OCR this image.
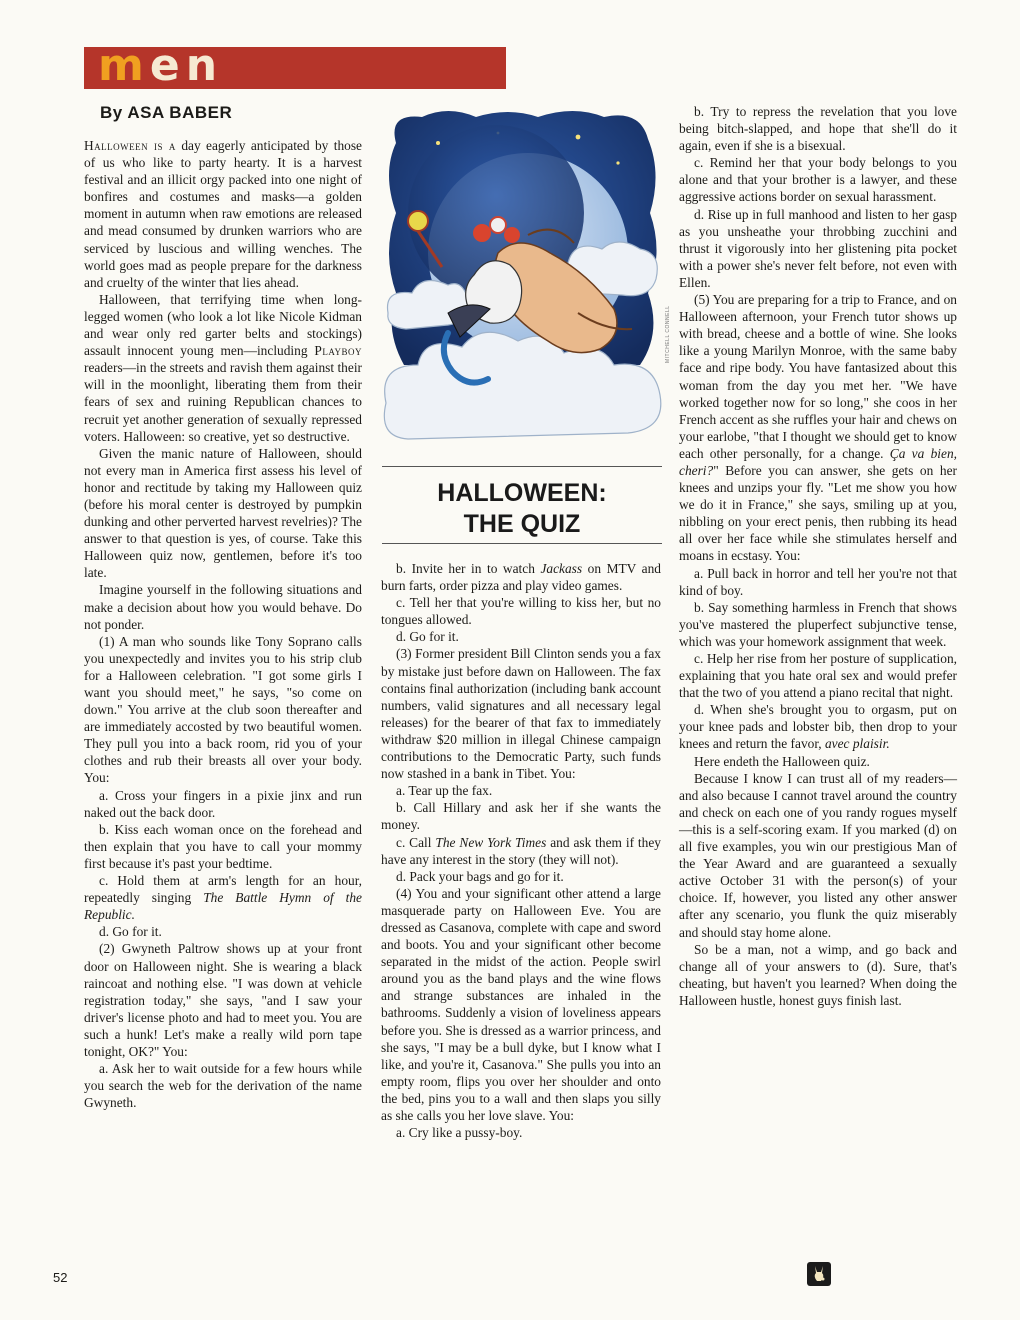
men
By ASA BABER

Halloween is a day eagerly anticipated by those of us who like to party hearty. It is a harvest festival and an illicit orgy packed into one night of bonfires and costumes and masks—a golden moment in autumn when raw emotions are released and mead consumed by drunken warriors who are serviced by luscious and willing wenches. The world goes mad as people prepare for the darkness and cruelty of the winter that lies ahead.

Halloween, that terrifying time when long-legged women (who look a lot like Nicole Kidman and wear only red garter belts and stockings) assault innocent young men—including Playboy readers—in the streets and ravish them against their will in the moonlight, liberating them from their fears of sex and ruining Republican chances to recruit yet another generation of sexually repressed voters. Halloween: so creative, yet so destructive.

Given the manic nature of Halloween, should not every man in America first assess his level of honor and rectitude by taking my Halloween quiz (before his moral center is destroyed by pumpkin dunking and other perverted harvest revelries)? The answer to that question is yes, of course. Take this Halloween quiz now, gentlemen, before it's too late.

Imagine yourself in the following situations and make a decision about how you would behave. Do not ponder.

(1) A man who sounds like Tony Soprano calls you unexpectedly and invites you to his strip club for a Halloween celebration. "I got some girls I want you should meet," he says, "so come on down." You arrive at the club soon thereafter and are immediately accosted by two beautiful women. They pull you into a back room, rid you of your clothes and rub their breasts all over your body. You:

a. Cross your fingers in a pixie jinx and run naked out the back door.

b. Kiss each woman once on the forehead and then explain that you have to call your mommy first because it's past your bedtime.

c. Hold them at arm's length for an hour, repeatedly singing The Battle Hymn of the Republic.

d. Go for it.

(2) Gwyneth Paltrow shows up at your front door on Halloween night. She is wearing a black raincoat and nothing else. "I was down at vehicle registration today," she says, "and I saw your driver's license photo and had to meet you. You are such a hunk! Let's make a really wild porn tape tonight, OK?" You:

a. Ask her to wait outside for a few hours while you search the web for the derivation of the name Gwyneth.

MITCHELL CONNELL
HALLOWEEN:
THE QUIZ

b. Invite her in to watch Jackass on MTV and burn farts, order pizza and play video games.

c. Tell her that you're willing to kiss her, but no tongues allowed.

d. Go for it.

(3) Former president Bill Clinton sends you a fax by mistake just before dawn on Halloween. The fax contains final authorization (including bank account numbers, valid signatures and all necessary legal releases) for the bearer of that fax to immediately withdraw $20 million in illegal Chinese campaign contributions to the Democratic Party, such funds now stashed in a bank in Tibet. You:

a. Tear up the fax.

b. Call Hillary and ask her if she wants the money.

c. Call The New York Times and ask them if they have any interest in the story (they will not).

d. Pack your bags and go for it.

(4) You and your significant other attend a large masquerade party on Halloween Eve. You are dressed as Casanova, complete with cape and sword and boots. You and your significant other become separated in the midst of the action. People swirl around you as the band plays and the wine flows and strange substances are inhaled in the bathrooms. Suddenly a vision of loveliness appears before you. She is dressed as a warrior princess, and she says, "I may be a bull dyke, but I know what I like, and you're it, Casanova." She pulls you into an empty room, flips you over her shoulder and onto the bed, pins you to a wall and then slaps you silly as she calls you her love slave. You:

a. Cry like a pussy-boy.

b. Try to repress the revelation that you love being bitch-slapped, and hope that she'll do it again, even if she is a bisexual.

c. Remind her that your body belongs to you alone and that your brother is a lawyer, and these aggressive actions border on sexual harassment.

d. Rise up in full manhood and listen to her gasp as you unsheathe your throbbing zucchini and thrust it vigorously into her glistening pita pocket with a power she's never felt before, not even with Ellen.

(5) You are preparing for a trip to France, and on Halloween afternoon, your French tutor shows up with bread, cheese and a bottle of wine. She looks like a young Marilyn Monroe, with the same baby face and ripe body. You have fantasized about this woman from the day you met her. "We have worked together now for so long," she coos in her French accent as she ruffles your hair and chews on your earlobe, "that I thought we should get to know each other personally, for a change. Ça va bien, cheri?" Before you can answer, she gets on her knees and unzips your fly. "Let me show you how we do it in France," she says, smiling up at you, nibbling on your erect penis, then rubbing its head all over her face while she stimulates herself and moans in ecstasy. You:

a. Pull back in horror and tell her you're not that kind of boy.

b. Say something harmless in French that shows you've mastered the pluperfect subjunctive tense, which was your homework assignment that week.

c. Help her rise from her posture of supplication, explaining that you hate oral sex and would prefer that the two of you attend a piano recital that night.

d. When she's brought you to orgasm, put on your knee pads and lobster bib, then drop to your knees and return the favor, avec plaisir.

Here endeth the Halloween quiz.

Because I know I can trust all of my readers—and also because I cannot travel around the country and check on each one of you randy rogues myself—this is a self-scoring exam. If you marked (d) on all five examples, you win our prestigious Man of the Year Award and are guaranteed a sexually active October 31 with the person(s) of your choice. If, however, you listed any other answer after any scenario, you flunk the quiz miserably and should stay home alone.

So be a man, not a wimp, and go back and change all of your answers to (d). Sure, that's cheating, but haven't you learned? When doing the Halloween hustle, honest guys finish last.

52
